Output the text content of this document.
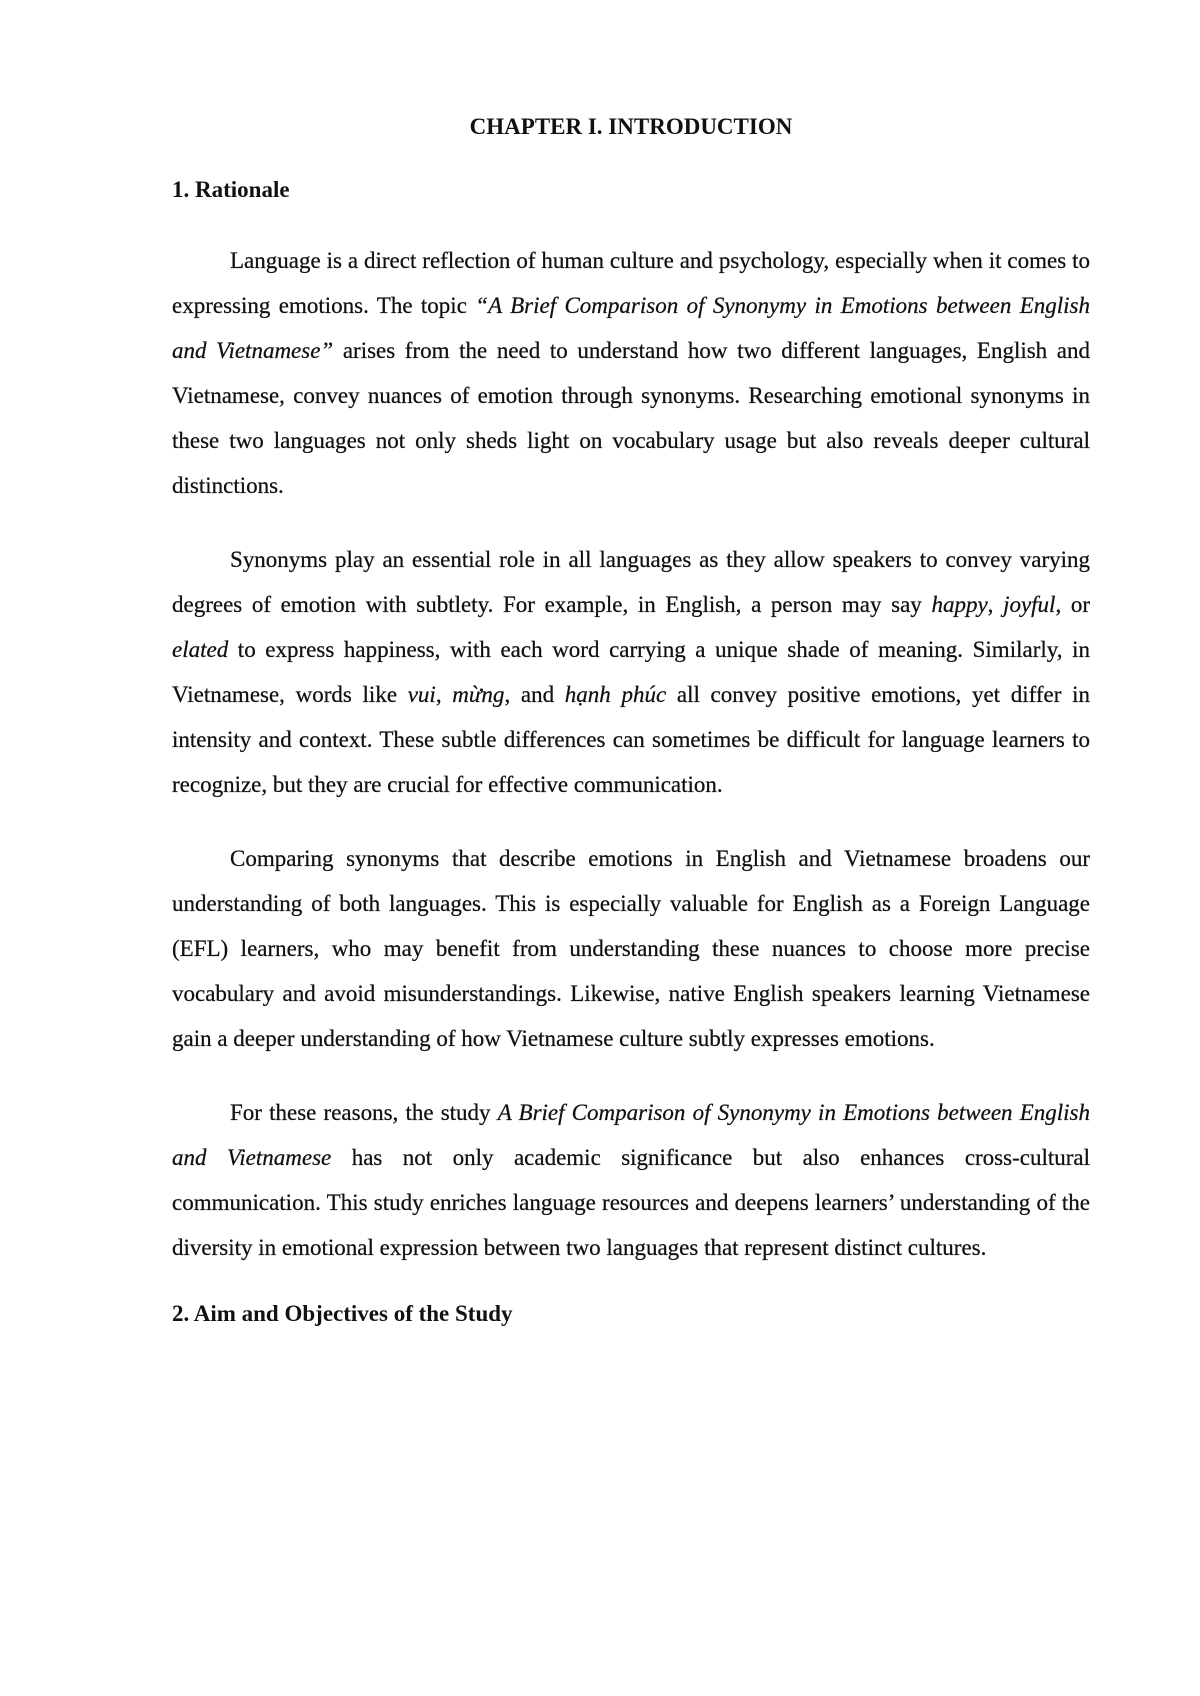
CHAPTER I. INTRODUCTION
1. Rationale

Language is a direct reflection of human culture and psychology, especially when it comes to expressing emotions. The topic “A Brief Comparison of Synonymy in Emotions between English and Vietnamese” arises from the need to understand how two different languages, English and Vietnamese, convey nuances of emotion through synonyms. Researching emotional synonyms in these two languages not only sheds light on vocabulary usage but also reveals deeper cultural distinctions.

Synonyms play an essential role in all languages as they allow speakers to convey varying degrees of emotion with subtlety. For example, in English, a person may say happy, joyful, or elated to express happiness, with each word carrying a unique shade of meaning. Similarly, in Vietnamese, words like vui, mừng, and hạnh phúc all convey positive emotions, yet differ in intensity and context. These subtle differences can sometimes be difficult for language learners to recognize, but they are crucial for effective communication.

Comparing synonyms that describe emotions in English and Vietnamese broadens our understanding of both languages. This is especially valuable for English as a Foreign Language (EFL) learners, who may benefit from understanding these nuances to choose more precise vocabulary and avoid misunderstandings. Likewise, native English speakers learning Vietnamese gain a deeper understanding of how Vietnamese culture subtly expresses emotions.

For these reasons, the study A Brief Comparison of Synonymy in Emotions between English and Vietnamese has not only academic significance but also enhances cross-cultural communication. This study enriches language resources and deepens learners’ understanding of the diversity in emotional expression between two languages that represent distinct cultures.

2. Aim and Objectives of the Study
